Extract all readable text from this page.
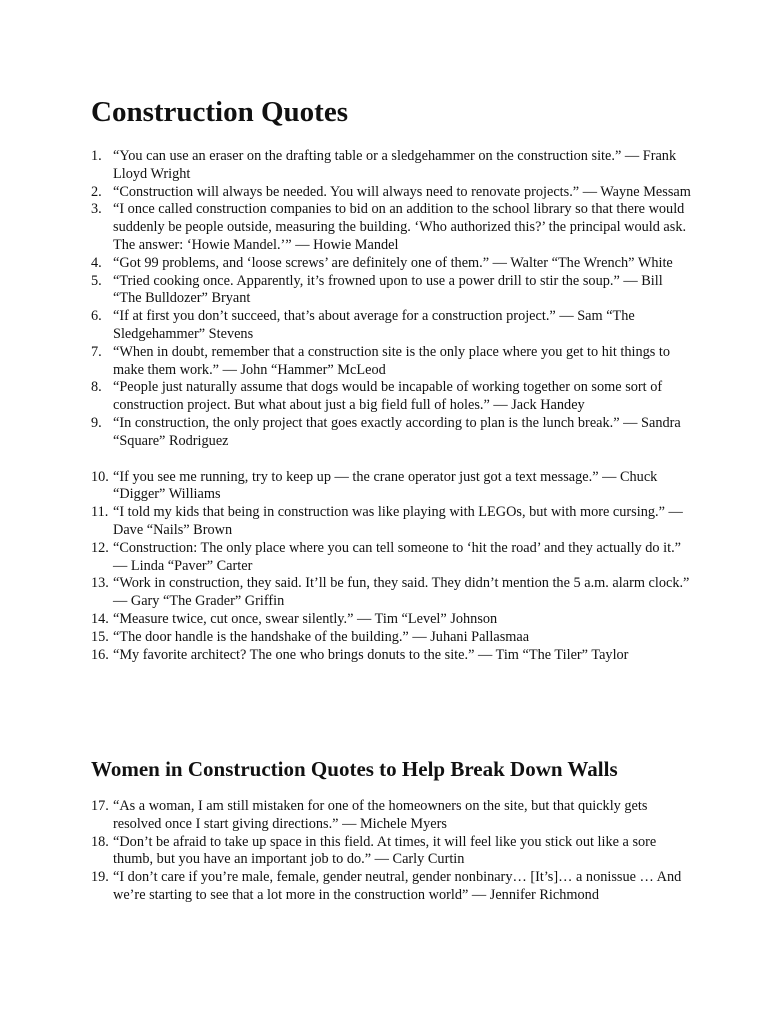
Construction Quotes
1. “You can use an eraser on the drafting table or a sledgehammer on the construction site.” — Frank Lloyd Wright
2. “Construction will always be needed. You will always need to renovate projects.” — Wayne Messam
3. “I once called construction companies to bid on an addition to the school library so that there would suddenly be people outside, measuring the building. ‘Who authorized this?’ the principal would ask. The answer: ‘Howie Mandel.’” — Howie Mandel
4. “Got 99 problems, and ‘loose screws’ are definitely one of them.” — Walter “The Wrench” White
5. “Tried cooking once. Apparently, it’s frowned upon to use a power drill to stir the soup.” — Bill “The Bulldozer” Bryant
6. “If at first you don’t succeed, that’s about average for a construction project.” — Sam “The Sledgehammer” Stevens
7. “When in doubt, remember that a construction site is the only place where you get to hit things to make them work.” — John “Hammer” McLeod
8. “People just naturally assume that dogs would be incapable of working together on some sort of construction project. But what about just a big field full of holes.” — Jack Handey
9. “In construction, the only project that goes exactly according to plan is the lunch break.” — Sandra “Square” Rodriguez
10. “If you see me running, try to keep up — the crane operator just got a text message.” — Chuck “Digger” Williams
11. “I told my kids that being in construction was like playing with LEGOs, but with more cursing.” — Dave “Nails” Brown
12. “Construction: The only place where you can tell someone to ‘hit the road’ and they actually do it.” — Linda “Paver” Carter
13. “Work in construction, they said. It’ll be fun, they said. They didn’t mention the 5 a.m. alarm clock.” — Gary “The Grader” Griffin
14. “Measure twice, cut once, swear silently.” — Tim “Level” Johnson
15. “The door handle is the handshake of the building.” — Juhani Pallasmaa
16. “My favorite architect? The one who brings donuts to the site.” — Tim “The Tiler” Taylor
Women in Construction Quotes to Help Break Down Walls
17. “As a woman, I am still mistaken for one of the homeowners on the site, but that quickly gets resolved once I start giving directions.” — Michele Myers
18. “Don’t be afraid to take up space in this field. At times, it will feel like you stick out like a sore thumb, but you have an important job to do.” — Carly Curtin
19. “I don’t care if you’re male, female, gender neutral, gender nonbinary… [It’s]… a nonissue … And we’re starting to see that a lot more in the construction world” — Jennifer Richmond
